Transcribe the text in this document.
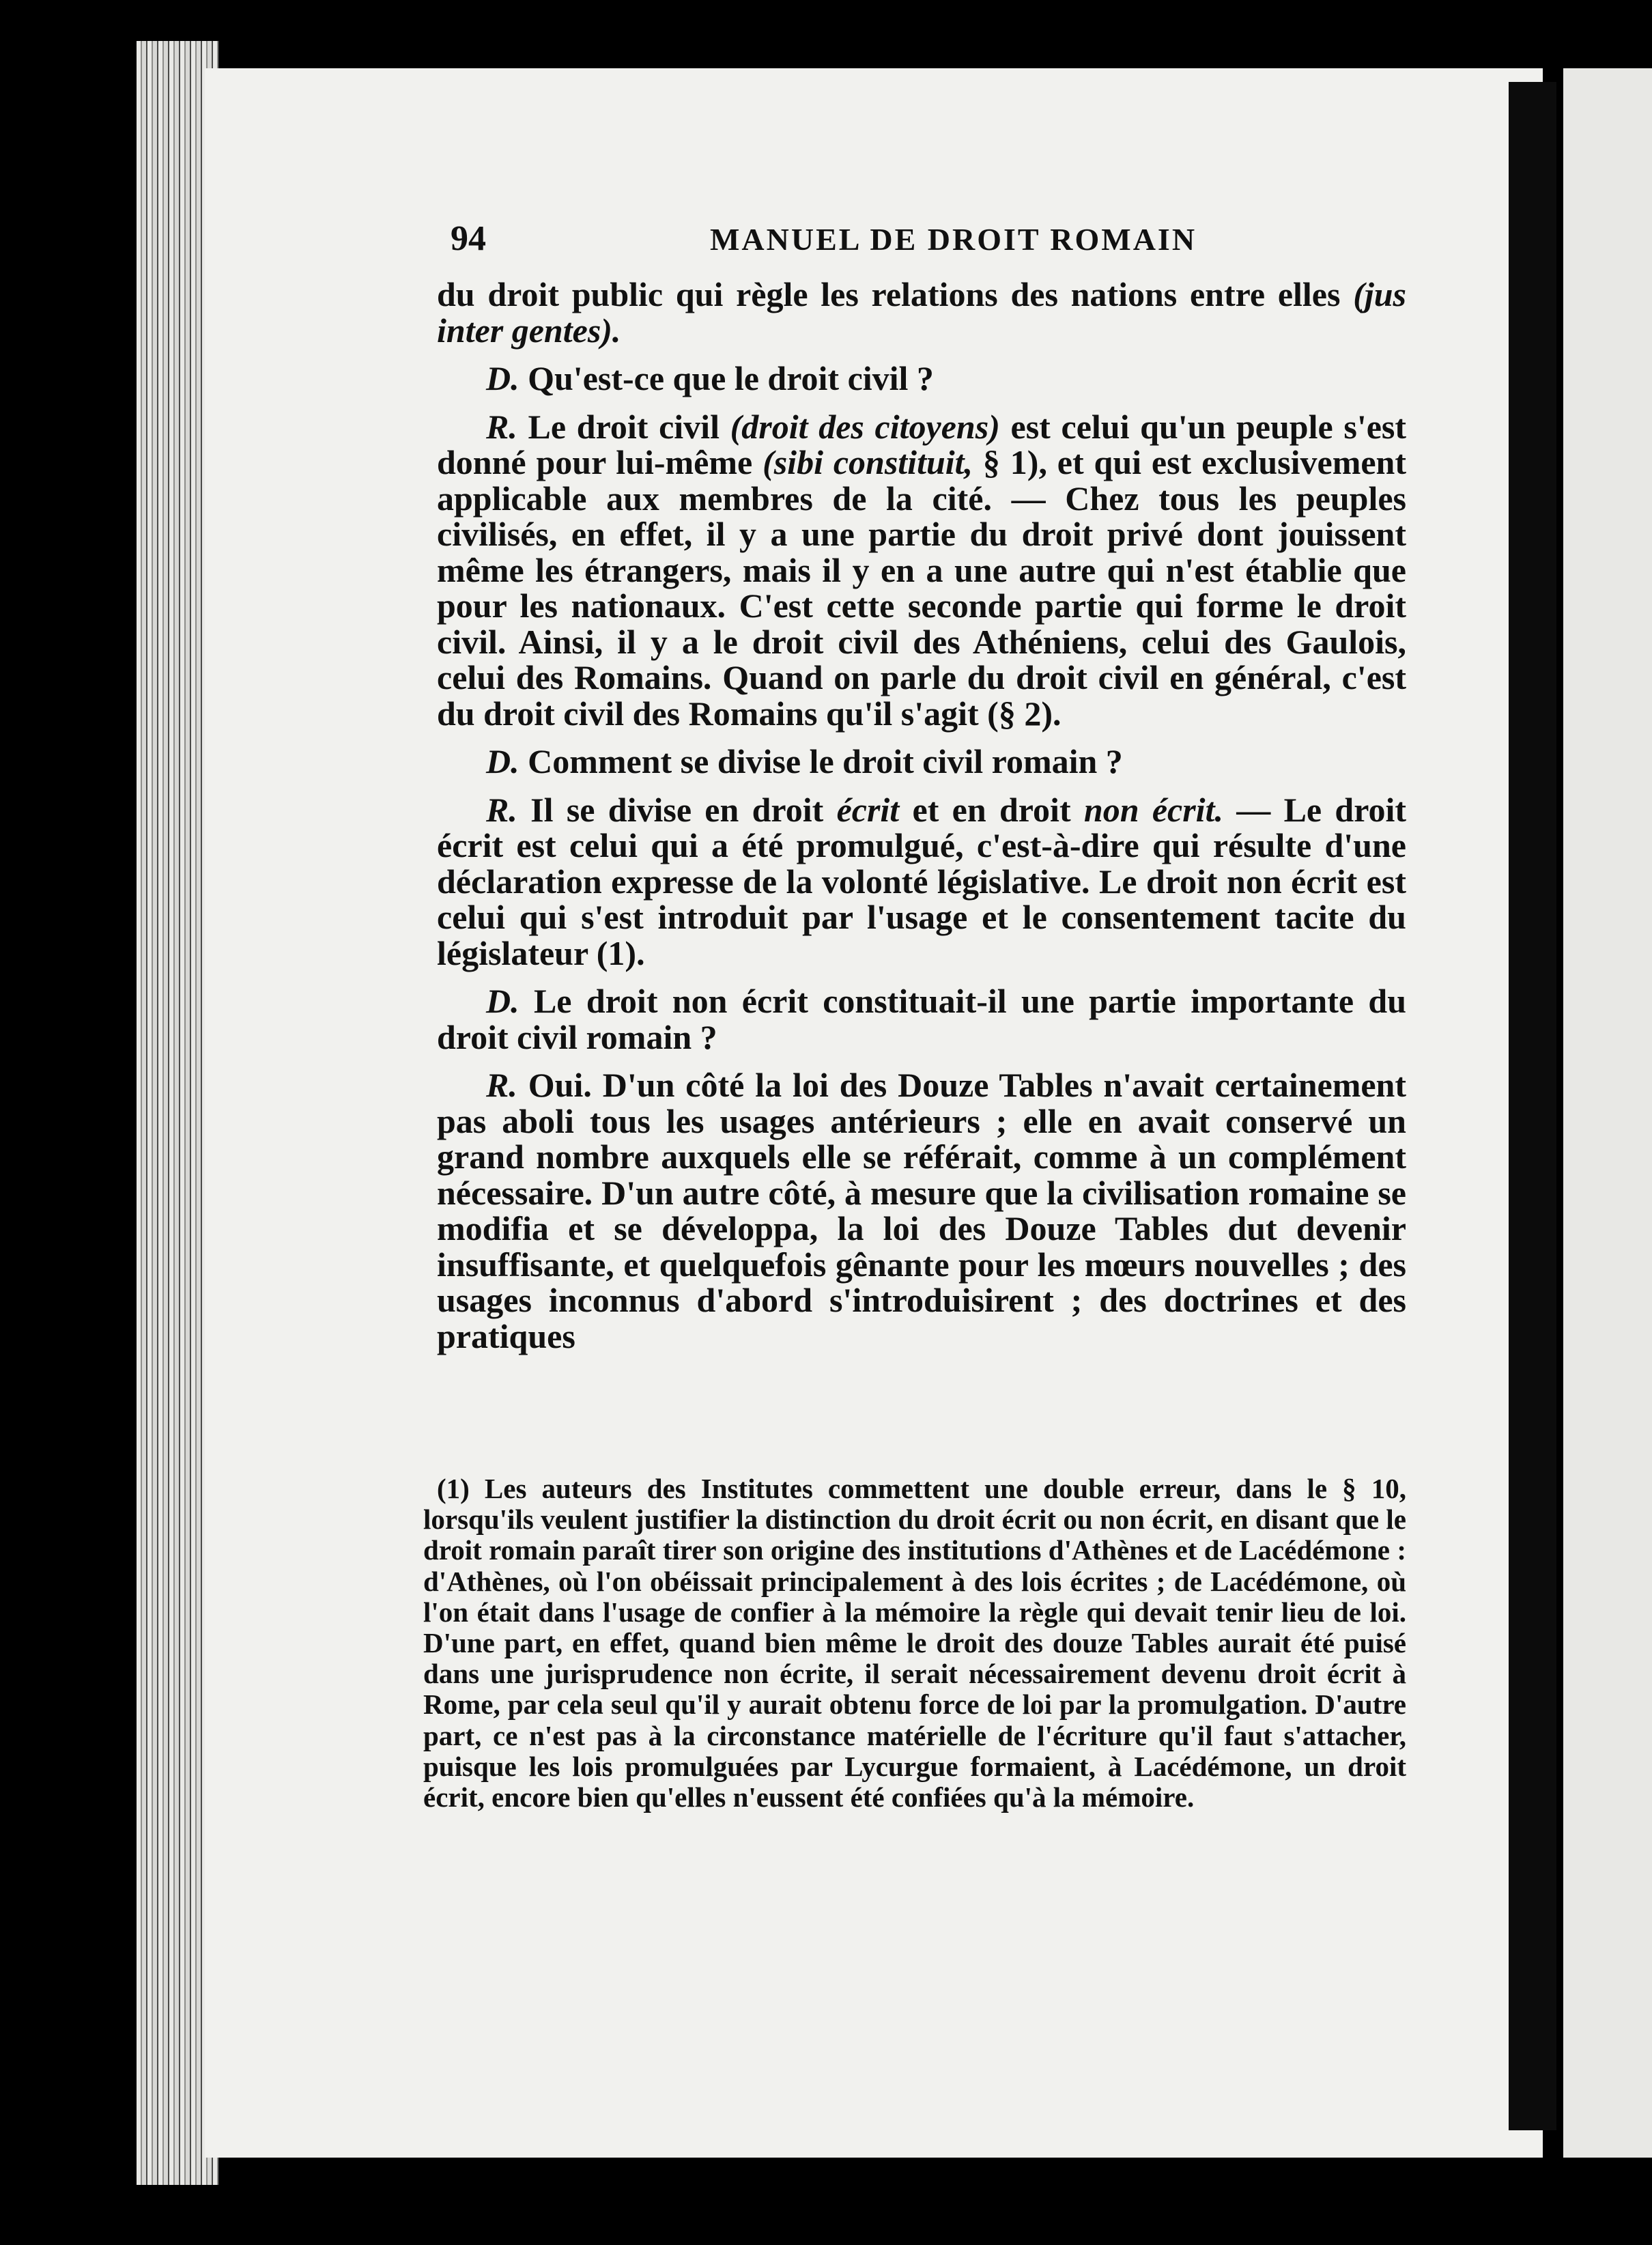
94	MANUEL DE DROIT ROMAIN

du droit public qui règle les relations des nations entre elles (jus inter gentes).

D. Qu'est-ce que le droit civil ?

R. Le droit civil (droit des citoyens) est celui qu'un peuple s'est donné pour lui-même (sibi constituit, § 1), et qui est exclusivement applicable aux membres de la cité. — Chez tous les peuples civilisés, en effet, il y a une partie du droit privé dont jouissent même les étrangers, mais il y en a une autre qui n'est établie que pour les nationaux. C'est cette seconde partie qui forme le droit civil. Ainsi, il y a le droit civil des Athéniens, celui des Gaulois, celui des Romains. Quand on parle du droit civil en général, c'est du droit civil des Romains qu'il s'agit (§ 2).

D. Comment se divise le droit civil romain ?

R. Il se divise en droit écrit et en droit non écrit. — Le droit écrit est celui qui a été promulgué, c'est-à-dire qui résulte d'une déclaration expresse de la volonté législative. Le droit non écrit est celui qui s'est introduit par l'usage et le consentement tacite du législateur (1).

D. Le droit non écrit constituait-il une partie importante du droit civil romain ?

R. Oui. D'un côté la loi des Douze Tables n'avait certainement pas aboli tous les usages antérieurs ; elle en avait conservé un grand nombre auxquels elle se référait, comme à un complément nécessaire. D'un autre côté, à mesure que la civilisation romaine se modifia et se développa, la loi des Douze Tables dut devenir insuffisante, et quelquefois gênante pour les mœurs nouvelles ; des usages inconnus d'abord s'introduisirent ; des doctrines et des pratiques

(1) Les auteurs des Institutes commettent une double erreur, dans le § 10, lorsqu'ils veulent justifier la distinction du droit écrit ou non écrit, en disant que le droit romain paraît tirer son origine des institutions d'Athènes et de Lacédémone : d'Athènes, où l'on obéissait principalement à des lois écrites ; de Lacédémone, où l'on était dans l'usage de confier à la mémoire la règle qui devait tenir lieu de loi. D'une part, en effet, quand bien même le droit des douze Tables aurait été puisé dans une jurisprudence non écrite, il serait nécessairement devenu droit écrit à Rome, par cela seul qu'il y aurait obtenu force de loi par la promulgation. D'autre part, ce n'est pas à la circonstance matérielle de l'écriture qu'il faut s'attacher, puisque les lois promulguées par Lycurgue formaient, à Lacédémone, un droit écrit, encore bien qu'elles n'eussent été confiées qu'à la mémoire.
